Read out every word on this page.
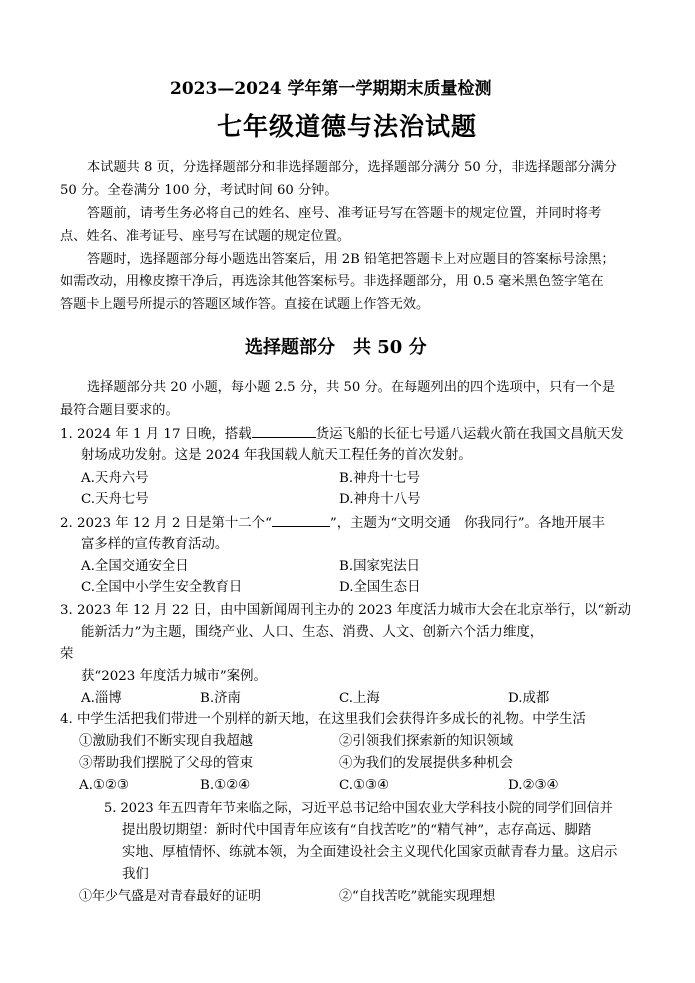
2023—2024 学年第一学期期末质量检测
七年级道德与法治试题
本试题共 8 页，分选择题部分和非选择题部分，选择题部分满分 50 分，非选择题部分满分
50 分。全卷满分 100 分，考试时间 60 分钟。
答题前，请考生务必将自己的姓名、座号、准考证号写在答题卡的规定位置，并同时将考
点、姓名、准考证号、座号写在试题的规定位置。
答题时，选择题部分每小题选出答案后，用 2B 铅笔把答题卡上对应题目的答案标号涂黑；
如需改动，用橡皮擦干净后，再选涂其他答案标号。非选择题部分，用 0.5 毫米黑色签字笔在
答题卡上题号所提示的答题区域作答。直接在试题上作答无效。
选择题部分　共 50 分
选择题部分共 20 小题，每小题 2.5 分，共 50 分。在每题列出的四个选项中，只有一个是
最符合题目要求的。
1. 2024 年 1 月 17 日晚，搭载	货运飞船的长征七号遥八运载火箭在我国文昌航天发
射场成功发射。这是 2024 年我国载人航天工程任务的首次发射。
A.天舟六号	B.神舟十七号
C.天舟七号	D.神舟十八号
2. 2023 年 12 月 2 日是第十二个“	”，主题为“文明交通　你我同行”。各地开展丰
富多样的宣传教育活动。
A.全国交通安全日	B.国家宪法日
C.全国中小学生安全教育日	D.全国生态日
3. 2023 年 12 月 22 日，由中国新闻周刊主办的 2023 年度活力城市大会在北京举行，以“新动
能新活力”为主题，围绕产业、人口、生态、消费、人文、创新六个活力维度，
荣
获“2023 年度活力城市”案例。
A.淄博	B.济南	C.上海	D.成都
4. 中学生活把我们带进一个别样的新天地，在这里我们会获得许多成长的礼物。中学生活
①激励我们不断实现自我超越	②引领我们探索新的知识领域
③帮助我们摆脱了父母的管束	④为我们的发展提供多种机会
A.①②③	B.①②④	C.①③④	D.②③④
5. 2023 年五四青年节来临之际，习近平总书记给中国农业大学科技小院的同学们回信并
提出殷切期望：新时代中国青年应该有“自找苦吃”的“精气神”，志存高远、脚踏
实地、厚植情怀、练就本领，为全面建设社会主义现代化国家贡献青春力量。这启示
我们
①年少气盛是对青春最好的证明	②“自找苦吃”就能实现理想
